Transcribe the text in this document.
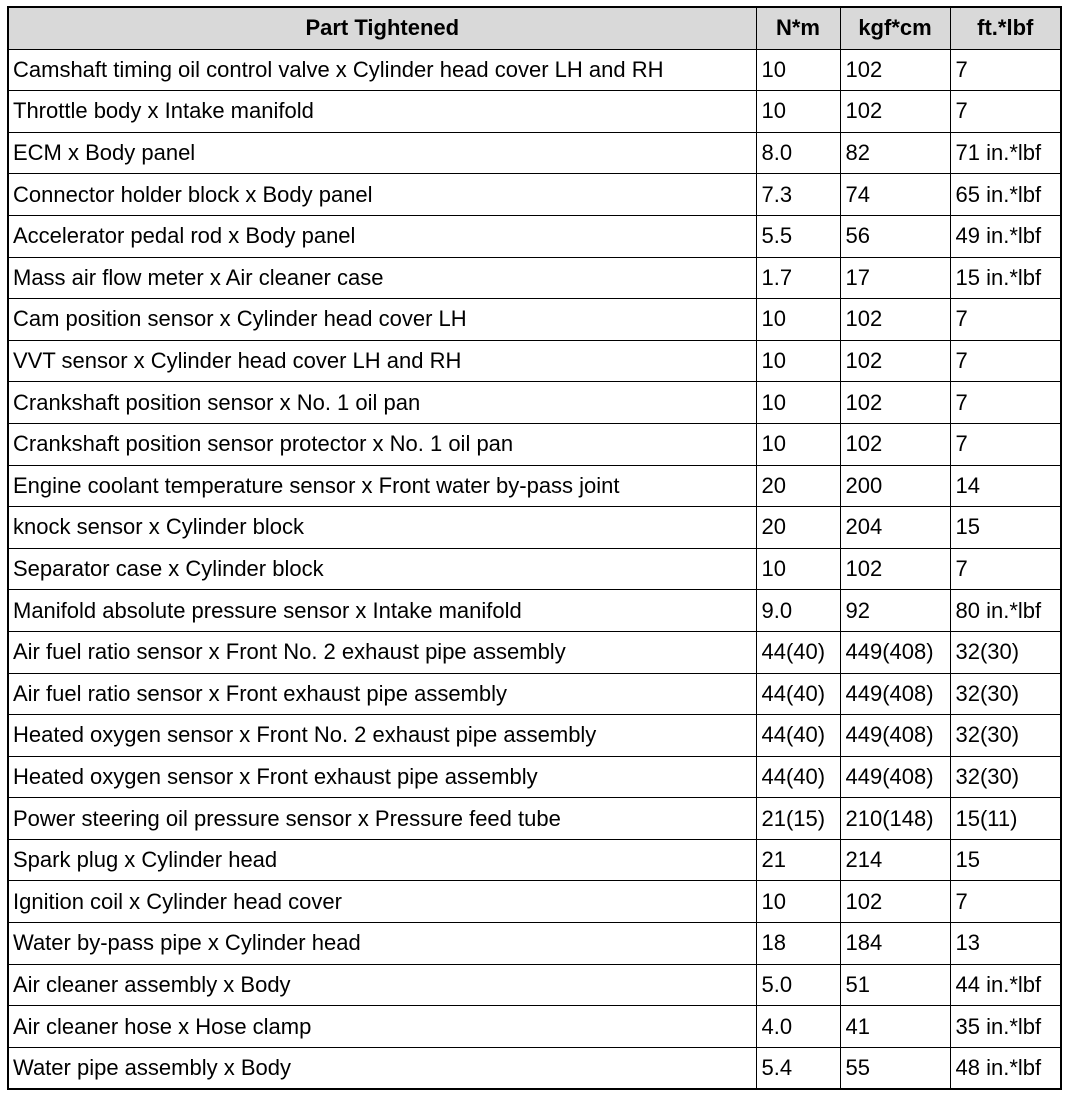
Part Tightened	N*m	kgf*cm	ft.*lbf
Camshaft timing oil control valve x Cylinder head cover LH and RH	10	102	7
Throttle body x Intake manifold	10	102	7
ECM x Body panel	8.0	82	71 in.*lbf
Connector holder block x Body panel	7.3	74	65 in.*lbf
Accelerator pedal rod x Body panel	5.5	56	49 in.*lbf
Mass air flow meter x Air cleaner case	1.7	17	15 in.*lbf
Cam position sensor x Cylinder head cover LH	10	102	7
VVT sensor x Cylinder head cover LH and RH	10	102	7
Crankshaft position sensor x No. 1 oil pan	10	102	7
Crankshaft position sensor protector x No. 1 oil pan	10	102	7
Engine coolant temperature sensor x Front water by-pass joint	20	200	14
knock sensor x Cylinder block	20	204	15
Separator case x Cylinder block	10	102	7
Manifold absolute pressure sensor x Intake manifold	9.0	92	80 in.*lbf
Air fuel ratio sensor x Front No. 2 exhaust pipe assembly	44(40)	449(408)	32(30)
Air fuel ratio sensor x Front exhaust pipe assembly	44(40)	449(408)	32(30)
Heated oxygen sensor x Front No. 2 exhaust pipe assembly	44(40)	449(408)	32(30)
Heated oxygen sensor x Front exhaust pipe assembly	44(40)	449(408)	32(30)
Power steering oil pressure sensor x Pressure feed tube	21(15)	210(148)	15(11)
Spark plug x Cylinder head	21	214	15
Ignition coil x Cylinder head cover	10	102	7
Water by-pass pipe x Cylinder head	18	184	13
Air cleaner assembly x Body	5.0	51	44 in.*lbf
Air cleaner hose x Hose clamp	4.0	41	35 in.*lbf
Water pipe assembly x Body	5.4	55	48 in.*lbf
